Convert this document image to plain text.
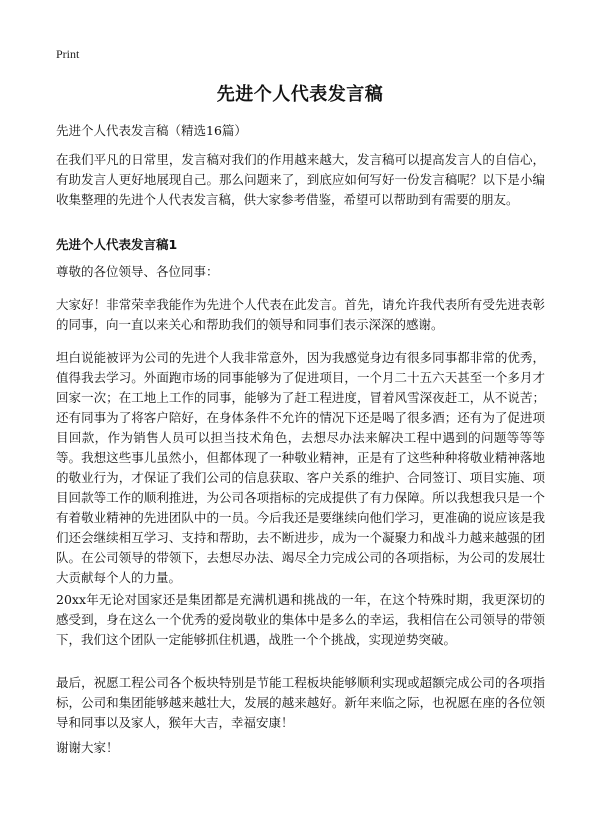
Print
先进个人代表发言稿
先进个人代表发言稿（精选16篇）

在我们平凡的日常里，发言稿对我们的作用越来越大，发言稿可以提高发言人的自信心，有助发言人更好地展现自己。那么问题来了，到底应如何写好一份发言稿呢？以下是小编收集整理的先进个人代表发言稿，供大家参考借鉴，希望可以帮助到有需要的朋友。

先进个人代表发言稿1

尊敬的各位领导、各位同事：

大家好！非常荣幸我能作为先进个人代表在此发言。首先，请允许我代表所有受先进表彰的同事，向一直以来关心和帮助我们的领导和同事们表示深深的感谢。

坦白说能被评为公司的先进个人我非常意外，因为我感觉身边有很多同事都非常的优秀，值得我去学习。外面跑市场的同事能够为了促进项目，一个月二十五六天甚至一个多月才回家一次；在工地上工作的同事，能够为了赶工程进度，冒着风雪深夜赶工，从不说苦；还有同事为了将客户陪好，在身体条件不允许的情况下还是喝了很多酒；还有为了促进项目回款，作为销售人员可以担当技术角色，去想尽办法来解决工程中遇到的问题等等等等。我想这些事儿虽然小，但都体现了一种敬业精神，正是有了这些种种将敬业精神落地的敬业行为，才保证了我们公司的信息获取、客户关系的维护、合同签订、项目实施、项目回款等工作的顺利推进，为公司各项指标的完成提供了有力保障。所以我想我只是一个有着敬业精神的先进团队中的一员。今后我还是要继续向他们学习，更准确的说应该是我们还会继续相互学习、支持和帮助，去不断进步，成为一个凝聚力和战斗力越来越强的团队。在公司领导的带领下，去想尽办法、竭尽全力完成公司的各项指标，为公司的发展壮大贡献每个人的力量。

20xx年无论对国家还是集团都是充满机遇和挑战的一年，在这个特殊时期，我更深切的感受到，身在这么一个优秀的爱岗敬业的集体中是多么的幸运，我相信在公司领导的带领下，我们这个团队一定能够抓住机遇，战胜一个个挑战，实现逆势突破。

最后，祝愿工程公司各个板块特别是节能工程板块能够顺利实现或超额完成公司的各项指标，公司和集团能够越来越壮大，发展的越来越好。新年来临之际，也祝愿在座的各位领导和同事以及家人，猴年大吉，幸福安康！

谢谢大家！
